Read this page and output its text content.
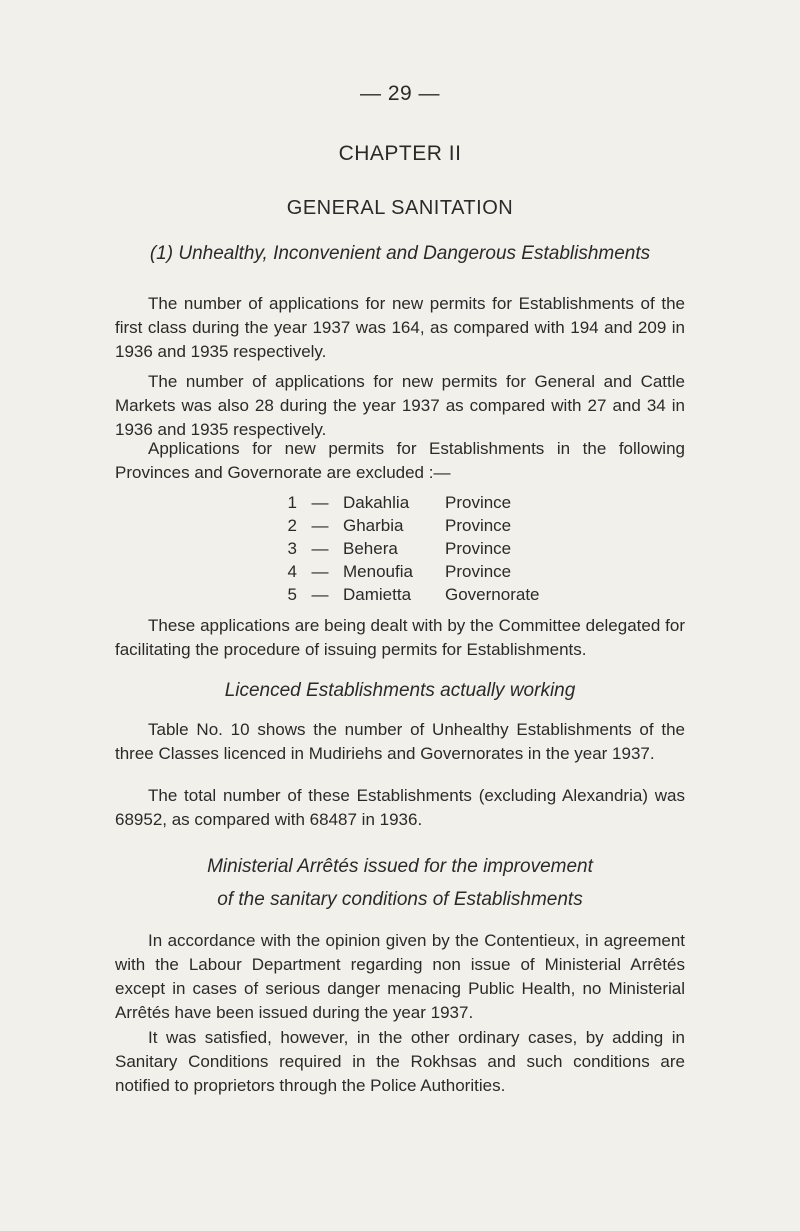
— 29 —
CHAPTER II
GENERAL SANITATION
(1) Unhealthy, Inconvenient and Dangerous Establishments

The number of applications for new permits for Establishments of the first class during the year 1937 was 164, as compared with 194 and 209 in 1936 and 1935 respectively.

The number of applications for new permits for General and Cattle Markets was also 28 during the year 1937 as compared with 27 and 34 in 1936 and 1935 respectively.

Applications for new permits for Establishments in the following Provinces and Governorate are excluded :—

1 — Dakahlia	Province
2 — Gharbia	Province
3 — Behera	Province
4 — Menoufia	Province
5 — Damietta	Governorate

These applications are being dealt with by the Committee delegated for facilitating the procedure of issuing permits for Establishments.

Licenced Establishments actually working

Table No. 10 shows the number of Unhealthy Establishments of the three Classes licenced in Mudiriehs and Governorates in the year 1937.

The total number of these Establishments (excluding Alexandria) was 68952, as compared with 68487 in 1936.

Ministerial Arrêtés issued for the improvement
of the sanitary conditions of Establishments

In accordance with the opinion given by the Contentieux, in agreement with the Labour Department regarding non issue of Ministerial Arrêtés except in cases of serious danger menacing Public Health, no Ministerial Arrêtés have been issued during the year 1937.

It was satisfied, however, in the other ordinary cases, by adding in Sanitary Conditions required in the Rokhsas and such conditions are notified to proprietors through the Police Authorities.
